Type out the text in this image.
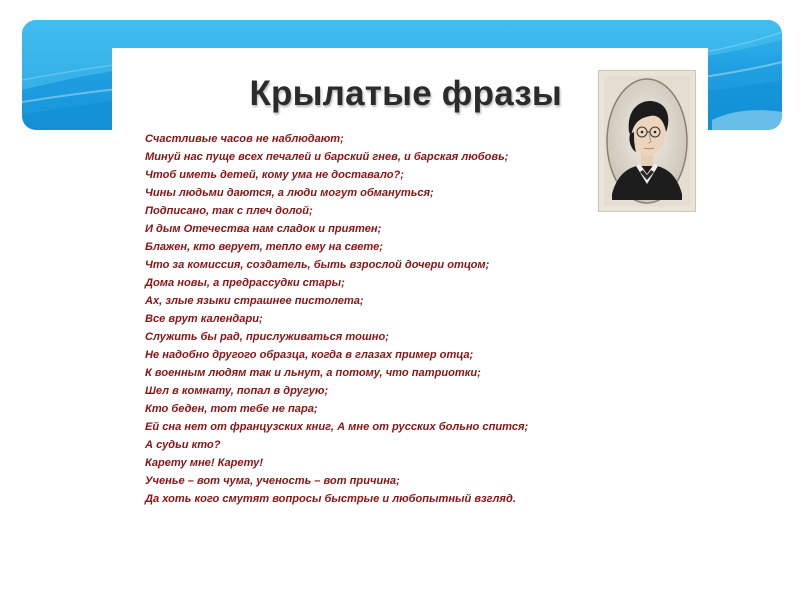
Крылатые фразы
Счастливые часов не наблюдают;
Минуй нас пуще всех печалей и барский гнев, и барская любовь;
Чтоб иметь детей, кому ума не доставало?;
Чины людьми даются, а люди могут обмануться;
Подписано, так с плеч долой;
И дым Отечества нам сладок и приятен;
Блажен, кто верует, тепло ему на свете;
Что за комиссия, создатель, быть взрослой дочери отцом;
Дома новы, а предрассудки стары;
Ах, злые языки страшнее пистолета;
Все врут календари;
Служить бы рад, прислуживаться тошно;
Не надобно другого образца, когда в глазах пример отца;
К военным людям так и льнут, а потому, что патриотки;
Шел в комнату, попал в другую;
Кто беден, тот тебе не пара;
Ей сна нет от французских книг, А мне от русских больно спится;
А судьи кто?
Карету мне! Карету!
Ученье – вот чума, ученость – вот причина;
Да хоть кого смутят вопросы быстрые и любопытный взгляд.
